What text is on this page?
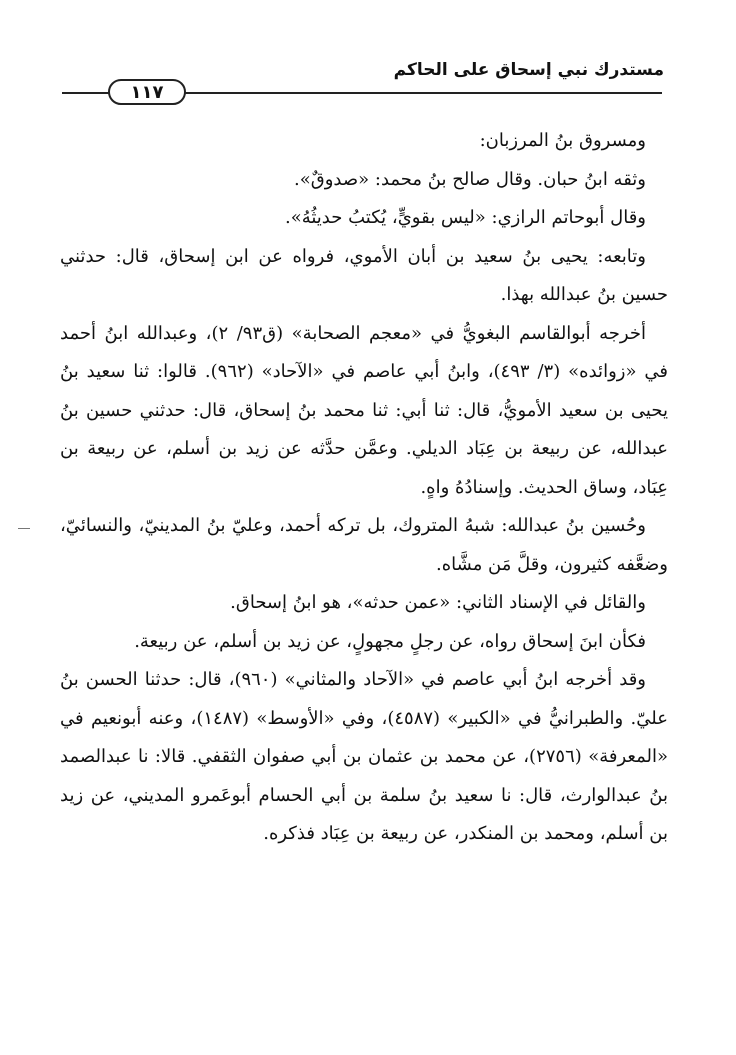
مستدرك نبي إسحاق على الحاكم
١١٧

ومسروق بنُ المرزبان:

وثقه ابنُ حبان. وقال صالح بنُ محمد: «صدوقٌ».

وقال أبوحاتم الرازي: «ليس بقويٍّ، يُكتبُ حديثُهُ».

وتابعه: يحيى بنُ سعيد بن أبان الأموي، فرواه عن ابن إسحاق، قال: حدثني حسين بنُ عبدالله بهذا.

أخرجه أبوالقاسم البغويُّ في «معجم الصحابة» (ق٩٣/ ٢)، وعبدالله ابنُ أحمد في «زوائده» (٣/ ٤٩٣)، وابنُ أبي عاصم في «الآحاد» (٩٦٢). قالوا: ثنا سعيد بنُ يحيى بن سعيد الأمويُّ، قال: ثنا أبي: ثنا محمد بنُ إسحاق، قال: حدثني حسين بنُ عبدالله، عن ربيعة بن عِبَاد الديلي. وعمَّن حدَّثه عن زيد بن أسلم، عن ربيعة بن عِبَاد، وساق الحديث. وإسنادُهُ واهٍ.

وحُسين بنُ عبدالله: شبهُ المتروك، بل تركه أحمد، وعليّ بنُ المدينيّ، والنسائيّ، وضعَّفه كثيرون، وقلَّ مَن مشَّاه.

والقائل في الإسناد الثاني: «عمن حدثه»، هو ابنُ إسحاق.

فكأن ابنَ إسحاق رواه، عن رجلٍ مجهولٍ، عن زيد بن أسلم، عن ربيعة.

وقد أخرجه ابنُ أبي عاصم في «الآحاد والمثاني» (٩٦٠)، قال: حدثنا الحسن بنُ عليّ. والطبرانيُّ في «الكبير» (٤٥٨٧)، وفي «الأوسط» (١٤٨٧)، وعنه أبونعيم في «المعرفة» (٢٧٥٦)، عن محمد بن عثمان بن أبي صفوان الثقفي. قالا: نا عبدالصمد بنُ عبدالوارث، قال: نا سعيد بنُ سلمة بن أبي الحسام أبوعَمرو المديني، عن زيد بن أسلم، ومحمد بن المنكدر، عن ربيعة بن عِبَاد فذكره.
